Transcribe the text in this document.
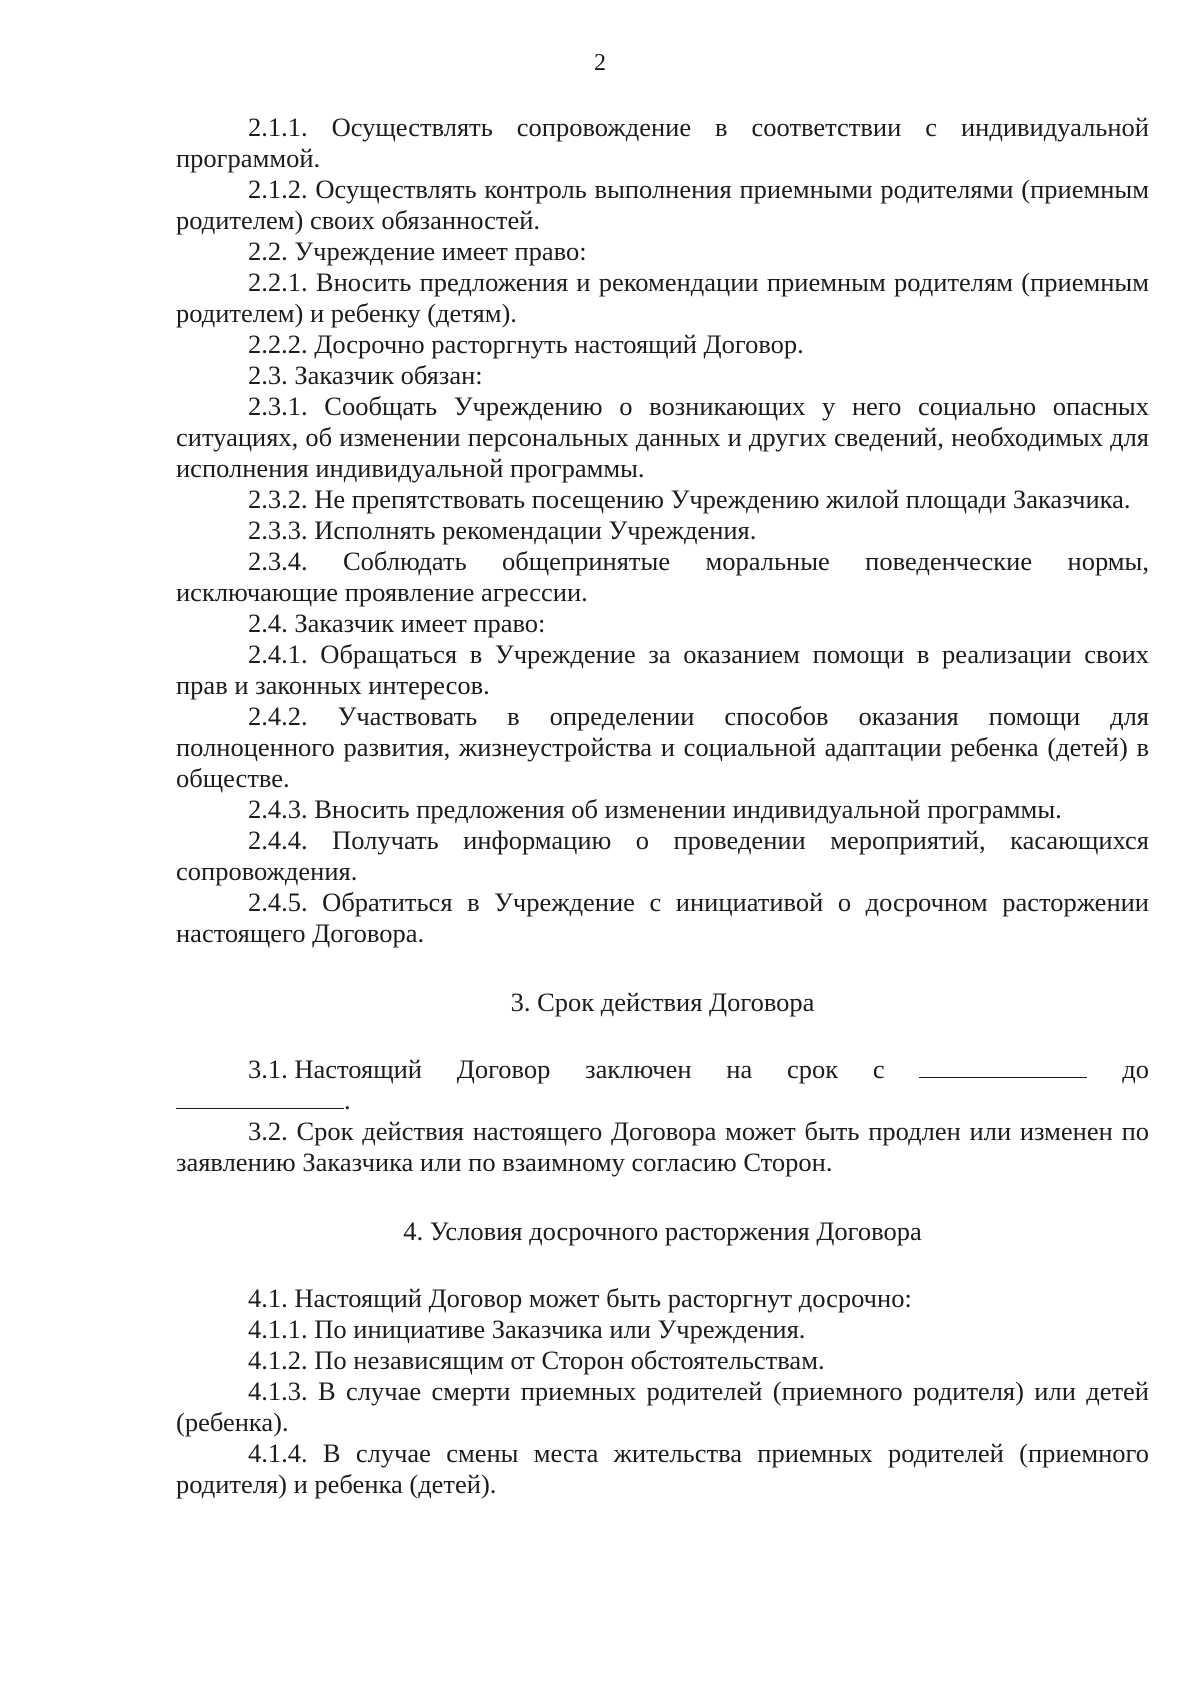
2

2.1.1. Осуществлять сопровождение в соответствии с индивидуальной программой.

2.1.2. Осуществлять контроль выполнения приемными родителями (приемным родителем) своих обязанностей.

2.2. Учреждение имеет право:

2.2.1. Вносить предложения и рекомендации приемным родителям (приемным родителем) и ребенку (детям).

2.2.2. Досрочно расторгнуть настоящий Договор.

2.3. Заказчик обязан:

2.3.1. Сообщать Учреждению о возникающих у него социально опасных ситуациях, об изменении персональных данных и других сведений, необходимых для исполнения индивидуальной программы.

2.3.2. Не препятствовать посещению Учреждению жилой площади Заказчика.

2.3.3. Исполнять рекомендации Учреждения.

2.3.4. Соблюдать общепринятые моральные поведенческие нормы, исключающие проявление агрессии.

2.4. Заказчик имеет право:

2.4.1. Обращаться в Учреждение за оказанием помощи в реализации своих прав и законных интересов.

2.4.2. Участвовать в определении способов оказания помощи для полноценного развития, жизнеустройства и социальной адаптации ребенка (детей) в обществе.

2.4.3. Вносить предложения об изменении индивидуальной программы.

2.4.4. Получать информацию о проведении мероприятий, касающихся сопровождения.

2.4.5. Обратиться в Учреждение с инициативой о досрочном расторжении настоящего Договора.

3. Срок действия Договора
3.1. Настоящий Договор заключен на срок с	до
.

3.2. Срок действия настоящего Договора может быть продлен или изменен по заявлению Заказчика или по взаимному согласию Сторон.

4. Условия досрочного расторжения Договора

4.1. Настоящий Договор может быть расторгнут досрочно:

4.1.1. По инициативе Заказчика или Учреждения.

4.1.2. По независящим от Сторон обстоятельствам.

4.1.3. В случае смерти приемных родителей (приемного родителя) или детей (ребенка).

4.1.4. В случае смены места жительства приемных родителей (приемного родителя) и ребенка (детей).
